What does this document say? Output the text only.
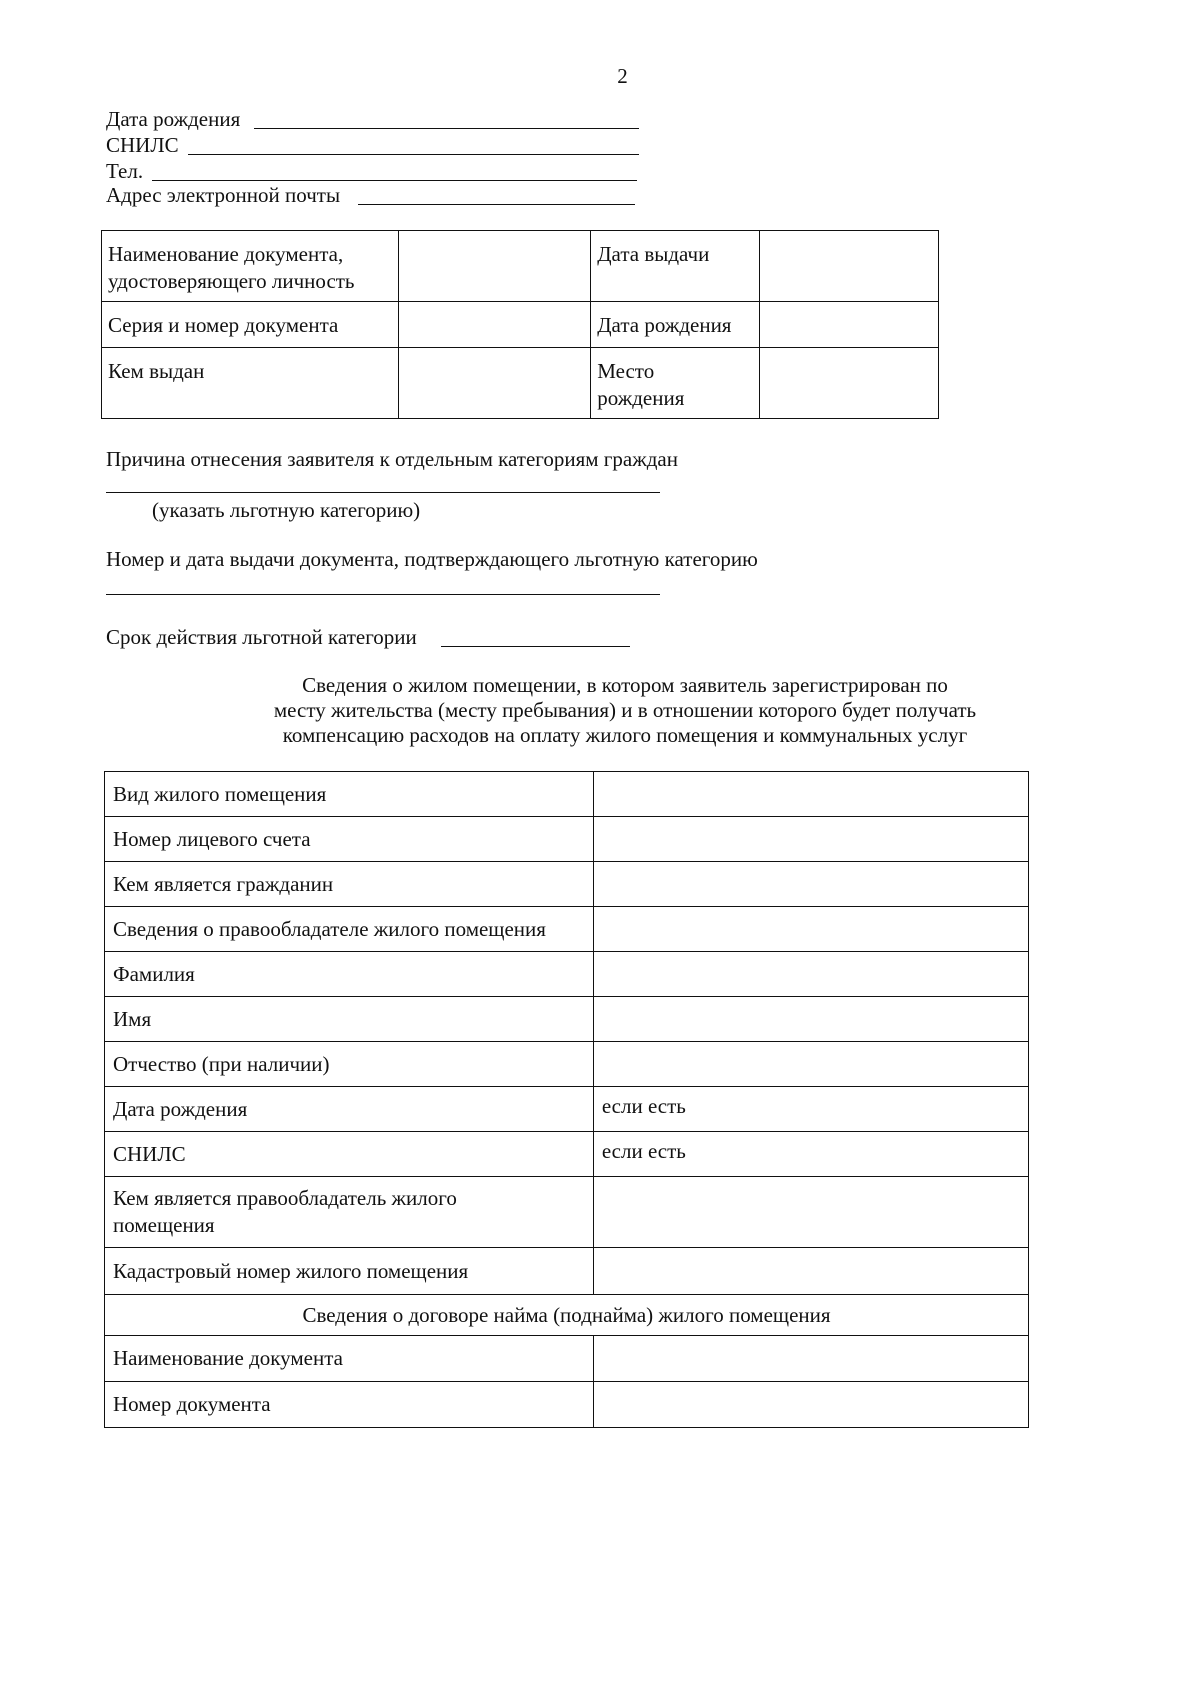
2
Дата рождения
СНИЛС
Тел.
Адрес электронной почты
Наименование документа, удостоверяющего личность		Дата выдачи	

Серия и номер документа		Дата рождения	

Кем выдан		Место рождения	

Причина отнесения заявителя к отдельным категориям граждан
(указать льготную категорию)
Номер и дата выдачи документа, подтверждающего льготную категорию
Срок действия льготной категории
Сведения о жилом помещении, в котором заявитель зарегистрирован по
месту жительства (месту пребывания) и в отношении которого будет получать
компенсацию расходов на оплату жилого помещения и коммунальных услуг
Вид жилого помещения	

Номер лицевого счета	

Кем является гражданин	

Сведения о правообладателе жилого помещения	

Фамилия	

Имя	

Отчество (при наличии)	

Дата рождения	если есть

СНИЛС	если есть

Кем является правообладатель жилого помещения	

Кадастровый номер жилого помещения	

Сведения о договоре найма (поднайма) жилого помещения	

Наименование документа	

Номер документа	
